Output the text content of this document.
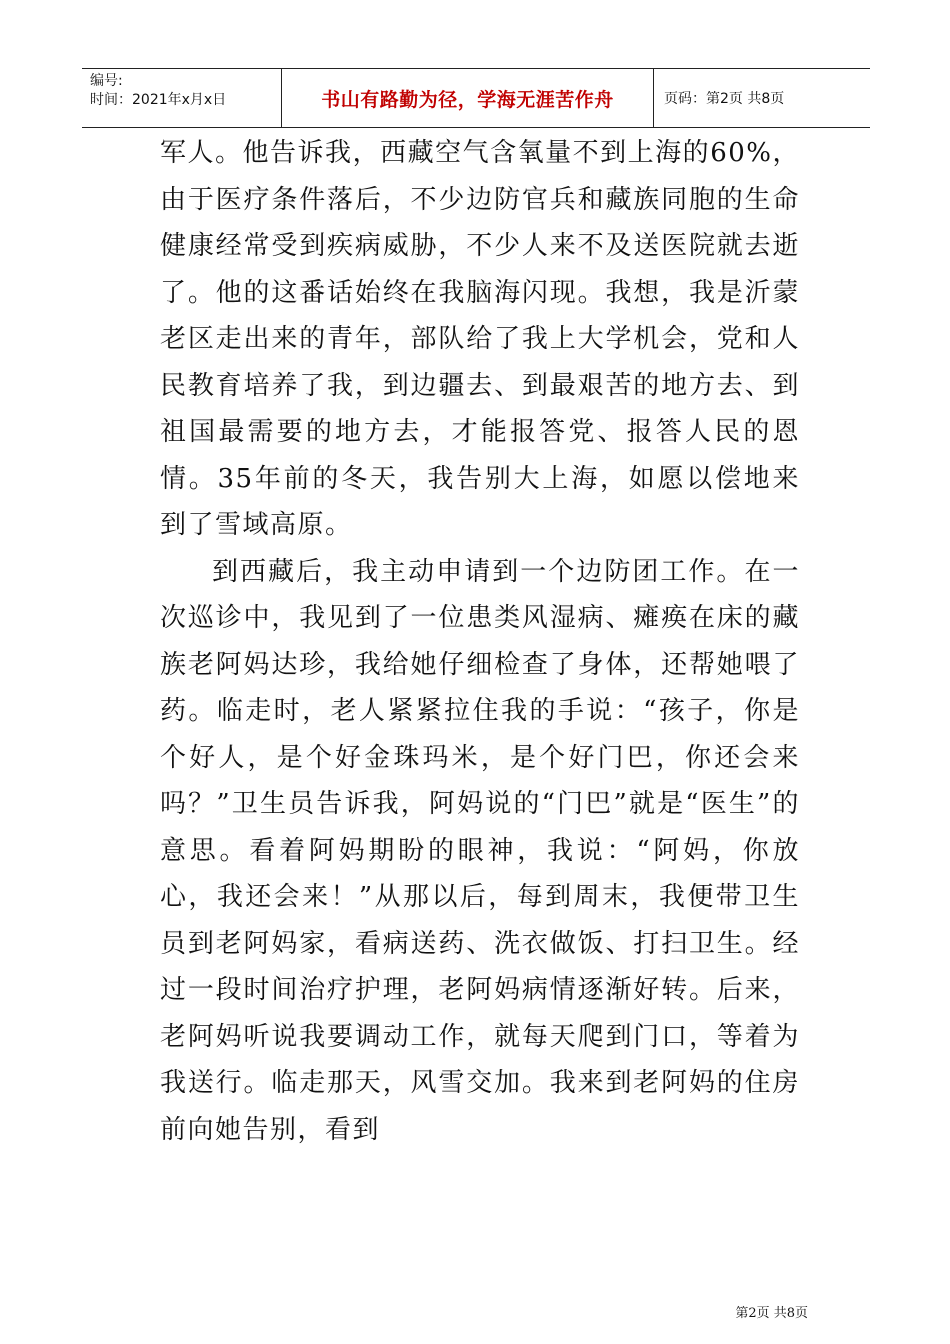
编号:
时间：2021年x月x日	书山有路勤为径，学海无涯苦作舟	页码：第2页 共8页

军人。他告诉我，西藏空气含氧量不到上海的60%，由于医疗条件落后，不少边防官兵和藏族同胞的生命健康经常受到疾病威胁，不少人来不及送医院就去逝了。他的这番话始终在我脑海闪现。我想，我是沂蒙老区走出来的青年，部队给了我上大学机会，党和人民教育培养了我，到边疆去、到最艰苦的地方去、到祖国最需要的地方去，才能报答党、报答人民的恩情。35年前的冬天，我告别大上海，如愿以偿地来到了雪域高原。

到西藏后，我主动申请到一个边防团工作。在一次巡诊中，我见到了一位患类风湿病、瘫痪在床的藏族老阿妈达珍，我给她仔细检查了身体，还帮她喂了药。临走时，老人紧紧拉住我的手说：“孩子，你是个好人，是个好金珠玛米，是个好门巴，你还会来吗？”卫生员告诉我，阿妈说的“门巴”就是“医生”的意思。看着阿妈期盼的眼神，我说：“阿妈，你放心，我还会来！”从那以后，每到周末，我便带卫生员到老阿妈家，看病送药、洗衣做饭、打扫卫生。经过一段时间治疗护理，老阿妈病情逐渐好转。后来，老阿妈听说我要调动工作，就每天爬到门口，等着为我送行。临走那天，风雪交加。我来到老阿妈的住房前向她告别，看到

第2页 共8页
